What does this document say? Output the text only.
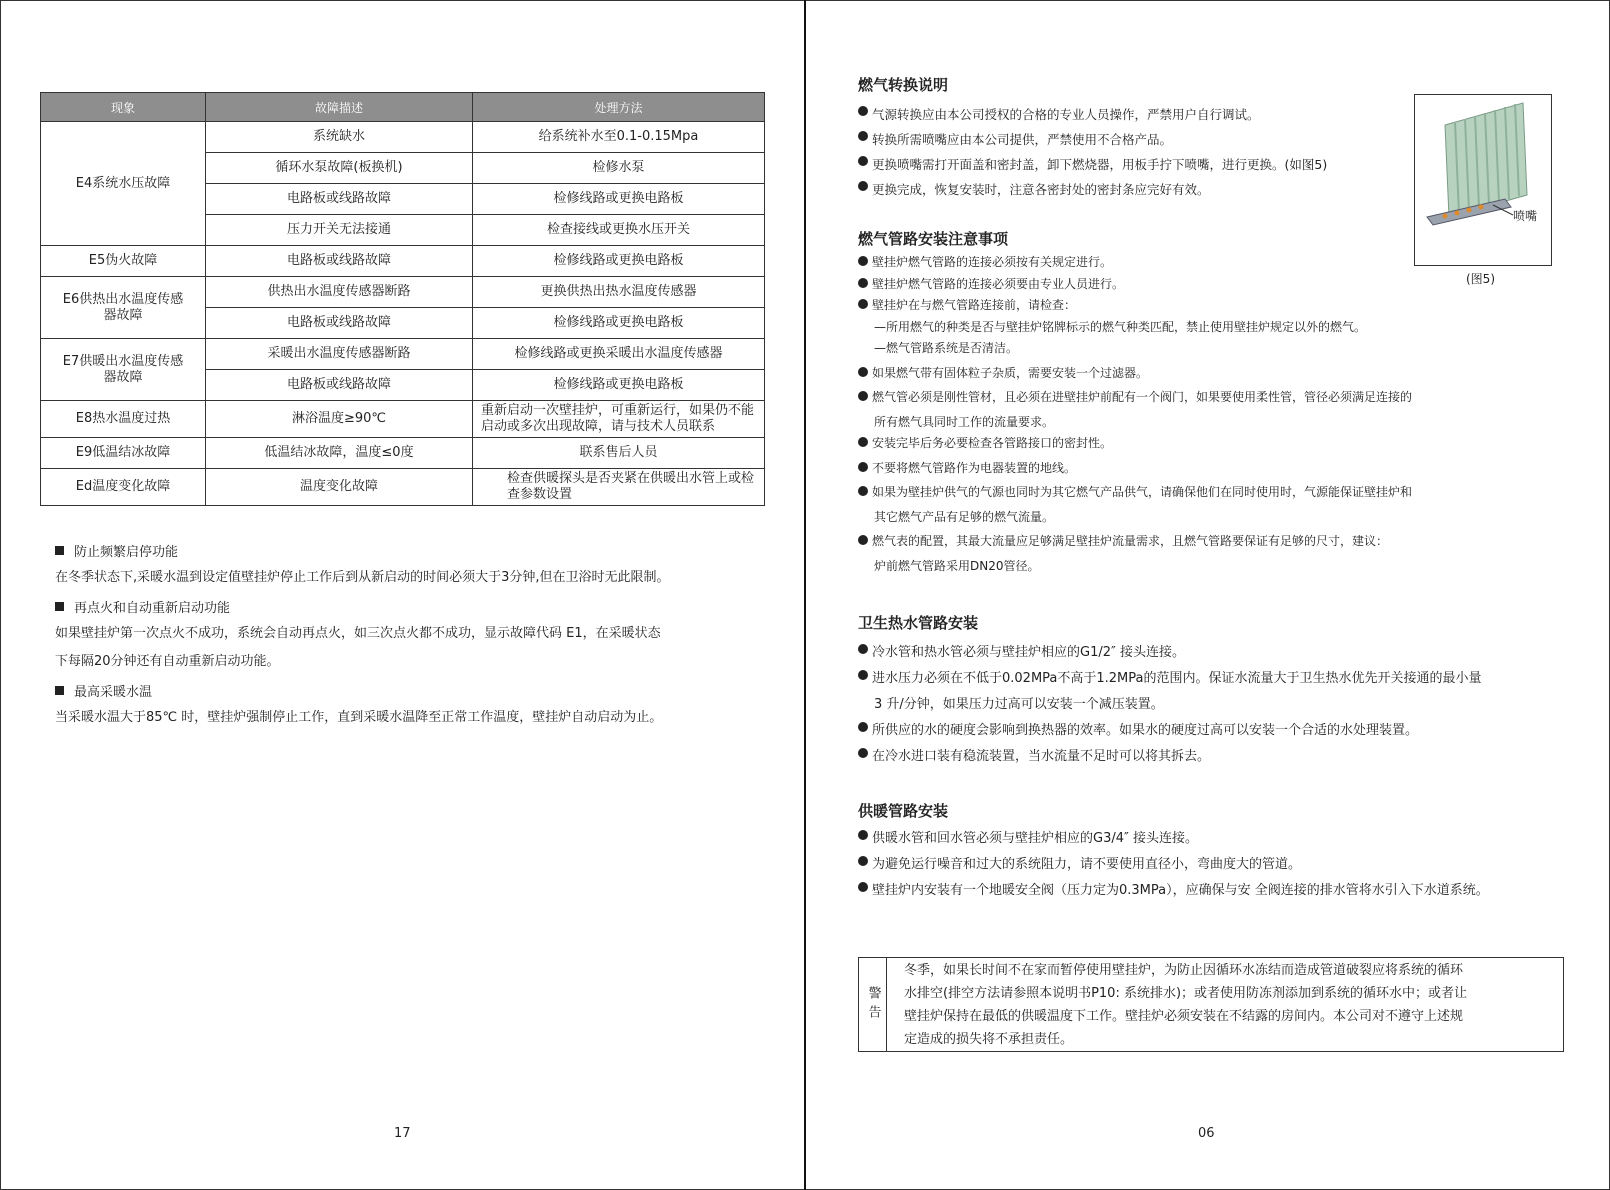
现象	故障描述	处理方法
E4系统水压故障	系统缺水	给系统补水至0.1-0.15Mpa
	循环水泵故障(板换机)	检修水泵
	电路板或线路故障	检修线路或更换电路板
	压力开关无法接通	检查接线或更换水压开关
E5伪火故障	电路板或线路故障	检修线路或更换电路板
E6供热出水温度传感器故障	供热出水温度传感器断路	更换供热出热水温度传感器
	电路板或线路故障	检修线路或更换电路板
E7供暖出水温度传感器故障	采暖出水温度传感器断路	检修线路或更换采暖出水温度传感器
	电路板或线路故障	检修线路或更换电路板
E8热水温度过热	淋浴温度≥90℃	重新启动一次壁挂炉，可重新运行，如果仍不能启动或多次出现故障，请与技术人员联系
E9低温结冰故障	低温结冰故障，温度≤0度	联系售后人员
Ed温度变化故障	温度变化故障	检查供暖探头是否夹紧在供暖出水管上或检查参数设置
防止频繁启停功能
在冬季状态下,采暖水温到设定值壁挂炉停止工作后到从新启动的时间必须大于3分钟,但在卫浴时无此限制。
再点火和自动重新启动功能
如果壁挂炉第一次点火不成功，系统会自动再点火，如三次点火都不成功，显示故障代码 E1，在采暖状态
下每隔20分钟还有自动重新启动功能。
最高采暖水温
当采暖水温大于85℃ 时，壁挂炉强制停止工作，直到采暖水温降至正常工作温度，壁挂炉自动启动为止。
17
燃气转换说明
气源转换应由本公司授权的合格的专业人员操作，严禁用户自行调试。
转换所需喷嘴应由本公司提供，严禁使用不合格产品。
更换喷嘴需打开面盖和密封盖，卸下燃烧器，用板手拧下喷嘴，进行更换。(如图5)
更换完成，恢复安装时，注意各密封处的密封条应完好有效。
喷嘴
(图5)
燃气管路安装注意事项
壁挂炉燃气管路的连接必须按有关规定进行。
壁挂炉燃气管路的连接必须要由专业人员进行。
壁挂炉在与燃气管路连接前，请检查：
—所用燃气的种类是否与壁挂炉铭牌标示的燃气种类匹配，禁止使用壁挂炉规定以外的燃气。
—燃气管路系统是否清洁。
如果燃气带有固体粒子杂质，需要安装一个过滤器。
燃气管必须是刚性管材，且必须在进壁挂炉前配有一个阀门，如果要使用柔性管，管径必须满足连接的
所有燃气具同时工作的流量要求。
安装完毕后务必要检查各管路接口的密封性。
不要将燃气管路作为电器装置的地线。
如果为壁挂炉供气的气源也同时为其它燃气产品供气，请确保他们在同时使用时，气源能保证壁挂炉和
其它燃气产品有足够的燃气流量。
燃气表的配置，其最大流量应足够满足壁挂炉流量需求，且燃气管路要保证有足够的尺寸，建议：
炉前燃气管路采用DN20管径。
卫生热水管路安装
冷水管和热水管必须与壁挂炉相应的G1/2″ 接头连接。
进水压力必须在不低于0.02MPa不高于1.2MPa的范围内。保证水流量大于卫生热水优先开关接通的最小量
3 升/分钟，如果压力过高可以安装一个减压装置。
所供应的水的硬度会影响到换热器的效率。如果水的硬度过高可以安装一个合适的水处理装置。
在冷水进口装有稳流装置，当水流量不足时可以将其拆去。
供暖管路安装
供暖水管和回水管必须与壁挂炉相应的G3/4″ 接头连接。
为避免运行噪音和过大的系统阻力，请不要使用直径小，弯曲度大的管道。
壁挂炉内安装有一个地暖安全阀（压力定为0.3MPa），应确保与安 全阀连接的排水管将水引入下水道系统。
06
警告
冬季，如果长时间不在家而暂停使用壁挂炉，为防止因循环水冻结而造成管道破裂应将系统的循环
水排空(排空方法请参照本说明书P10: 系统排水)；或者使用防冻剂添加到系统的循环水中；或者让
壁挂炉保持在最低的供暖温度下工作。壁挂炉必须安装在不结露的房间内。本公司对不遵守上述规
定造成的损失将不承担责任。
